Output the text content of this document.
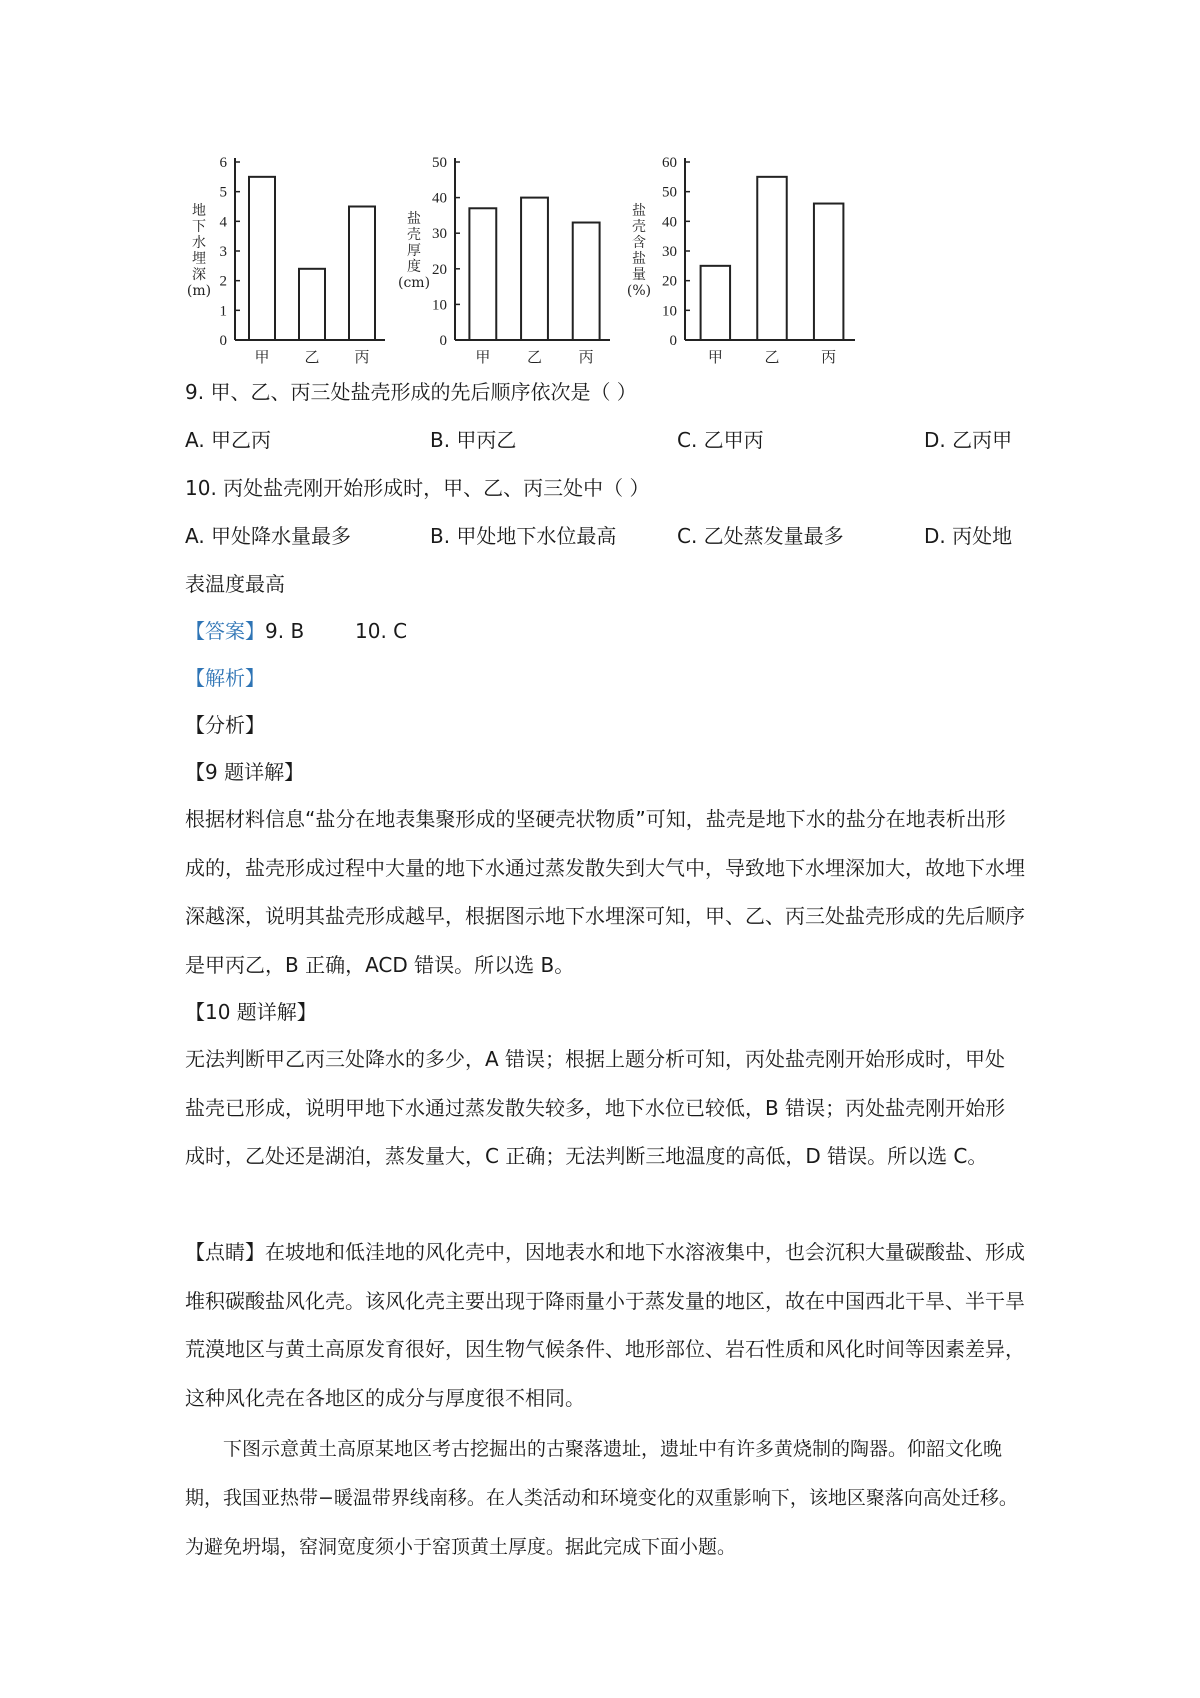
0
1
2
3
4
5
6
地
下
水
埋
深
(m)
甲 乙 丙
0
10
20
30
40
50
盐
壳
厚
度
(cm)
甲 乙 丙
0
10
20
30
40
50
60
盐
壳
含
盐
量
(%)
甲	乙	丙
9. 甲、乙、丙三处盐壳形成的先后顺序依次是（ ）
A. 甲乙丙	B. 甲丙乙	C. 乙甲丙	D. 乙丙甲
10. 丙处盐壳刚开始形成时，甲、乙、丙三处中（ ）
A. 甲处降水量最多	B. 甲处地下水位最高	C. 乙处蒸发量最多	D. 丙处地
表温度最高
【答案】9. B        10. C
【解析】
【分析】
【9 题详解】
根据材料信息“盐分在地表集聚形成的坚硬壳状物质”可知，盐壳是地下水的盐分在地表析出形成的，盐壳形成过程中大量的地下水通过蒸发散失到大气中，导致地下水埋深加大，故地下水埋深越深，说明其盐壳形成越早，根据图示地下水埋深可知，甲、乙、丙三处盐壳形成的先后顺序是甲丙乙，B 正确，ACD 错误。所以选 B。
【10 题详解】
无法判断甲乙丙三处降水的多少，A 错误；根据上题分析可知，丙处盐壳刚开始形成时，甲处盐壳已形成，说明甲地下水通过蒸发散失较多，地下水位已较低，B 错误；丙处盐壳刚开始形成时，乙处还是湖泊，蒸发量大，C 正确；无法判断三地温度的高低，D 错误。所以选 C。
【点睛】在坡地和低洼地的风化壳中，因地表水和地下水溶液集中，也会沉积大量碳酸盐、形成堆积碳酸盐风化壳。该风化壳主要出现于降雨量小于蒸发量的地区，故在中国西北干旱、半干旱荒漠地区与黄土高原发育很好，因生物气候条件、地形部位、岩石性质和风化时间等因素差异，这种风化壳在各地区的成分与厚度很不相同。
下图示意黄土高原某地区考古挖掘出的古聚落遗址，遗址中有许多黄烧制的陶器。仰韶文化晚期，我国亚热带−暖温带界线南移。在人类活动和环境变化的双重影响下，该地区聚落向高处迁移。为避免坍塌，窑洞宽度须小于窑顶黄土厚度。据此完成下面小题。
